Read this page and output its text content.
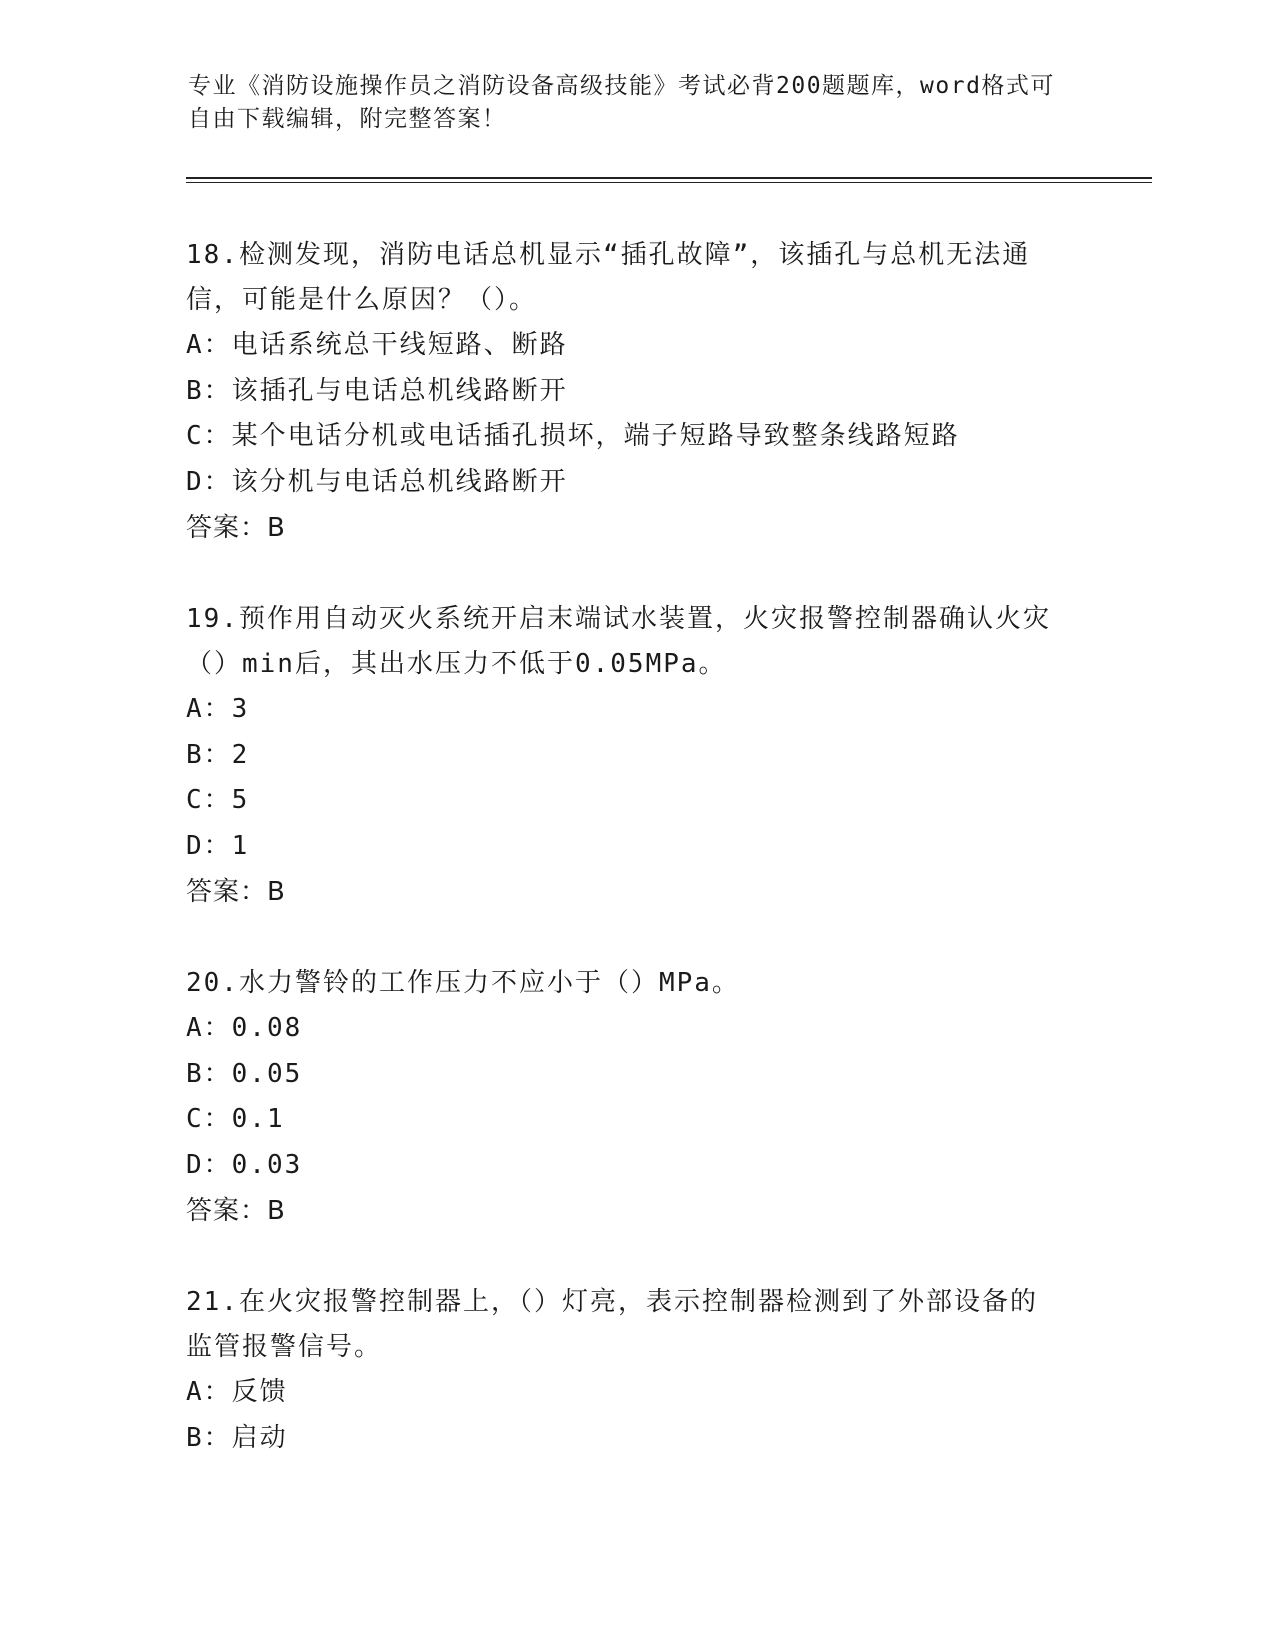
专业《消防设施操作员之消防设备高级技能》考试必背200题题库，word格式可
自由下载编辑，附完整答案！

18.检测发现，消防电话总机显示“插孔故障”，该插孔与总机无法通

信，可能是什么原因？（）。

A：电话系统总干线短路、断路

B：该插孔与电话总机线路断开

C：某个电话分机或电话插孔损坏，端子短路导致整条线路短路

D：该分机与电话总机线路断开

答案：B

19.预作用自动灭火系统开启末端试水装置，火灾报警控制器确认火灾

（）min后，其出水压力不低于0.05MPa。

A：3

B：2

C：5

D：1

答案：B

20.水力警铃的工作压力不应小于（）MPa。

A：0.08

B：0.05

C：0.1

D：0.03

答案：B

21.在火灾报警控制器上，（）灯亮，表示控制器检测到了外部设备的

监管报警信号。

A：反馈

B：启动
